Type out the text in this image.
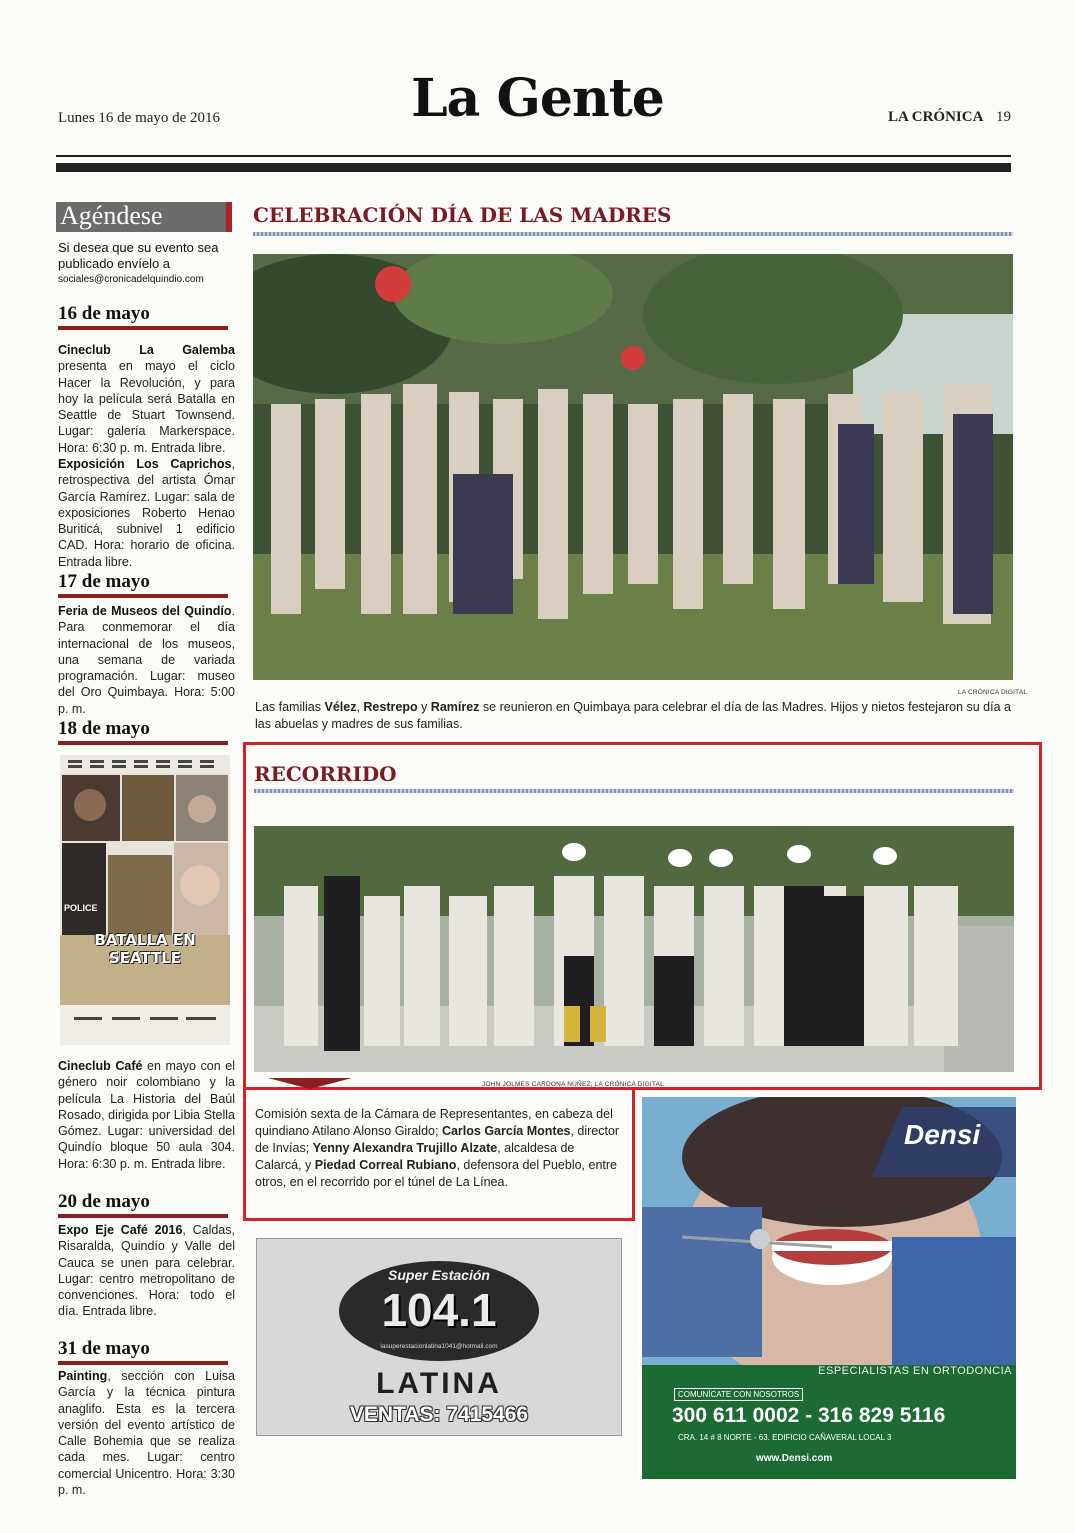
Lunes 16 de mayo de 2016	La Gente	LA CRÓNICA 19
Agéndese
Si desea que su evento sea publicado envíelo a
sociales@cronicadelquindio.com
16 de mayo
Cineclub La Galemba presenta en mayo el ciclo Hacer la Revolución, y para hoy la película será Batalla en Seattle de Stuart Townsend. Lugar: galería Markerspace. Hora: 6:30 p. m. Entrada libre.
Exposición Los Caprichos, retrospectiva del artista Ómar García Ramírez. Lugar: sala de exposiciones Roberto Henao Buriticá, subnivel 1 edificio CAD. Hora: horario de oficina. Entrada libre.
17 de mayo
Feria de Museos del Quindío. Para conmemorar el día internacional de los museos, una semana de variada programación. Lugar: museo del Oro Quimbaya. Hora: 5:00 p. m.
18 de mayo
POLICE
BATALLA EN SEATTLE
Cineclub Café en mayo con el género noir colombiano y la película La Historia del Baúl Rosado, dirigida por Libia Stella Gómez. Lugar: universidad del Quindío bloque 50 aula 304. Hora: 6:30 p. m. Entrada libre.
20 de mayo
Expo Eje Café 2016, Caldas, Risaralda, Quindío y Valle del Cauca se unen para celebrar. Lugar: centro metropolitano de convenciones. Hora: todo el día. Entrada libre.
31 de mayo
Painting, sección con Luisa García y la técnica pintura anaglifo. Esta es la tercera versión del evento artístico de Calle Bohemia que se realiza cada mes. Lugar: centro comercial Unicentro. Hora: 3:30 p. m.
CELEBRACIÓN DÍA DE LAS MADRES
LA CRÓNICA DIGITAL
Las familias Vélez, Restrepo y Ramírez se reunieron en Quimbaya para celebrar el día de las Madres. Hijos y nietos festejaron su día a las abuelas y madres de sus familias.
RECORRIDO
JOHN JOLMES CARDONA NUÑEZ, LA CRÓNICA DIGITAL
Comisión sexta de la Cámara de Representantes, en cabeza del quindiano Atilano Alonso Giraldo; Carlos García Montes, director de Invías; Yenny Alexandra Trujillo Alzate, alcaldesa de Calarcá, y Piedad Correal Rubiano, defensora del Pueblo, entre otros, en el recorrido por el túnel de La Línea.
Super Estación
104.1
lasuperestacionlatina1041@hotmail.com
LATINA
VENTAS: 7415466
Densi
ESPECIALISTAS EN ORTODONCIA
COMUNÍCATE CON NOSOTROS
300 611 0002 - 316 829 5116
CRA. 14 # 8 NORTE - 63. EDIFICIO CAÑAVERAL LOCAL 3
www.Densi.com
